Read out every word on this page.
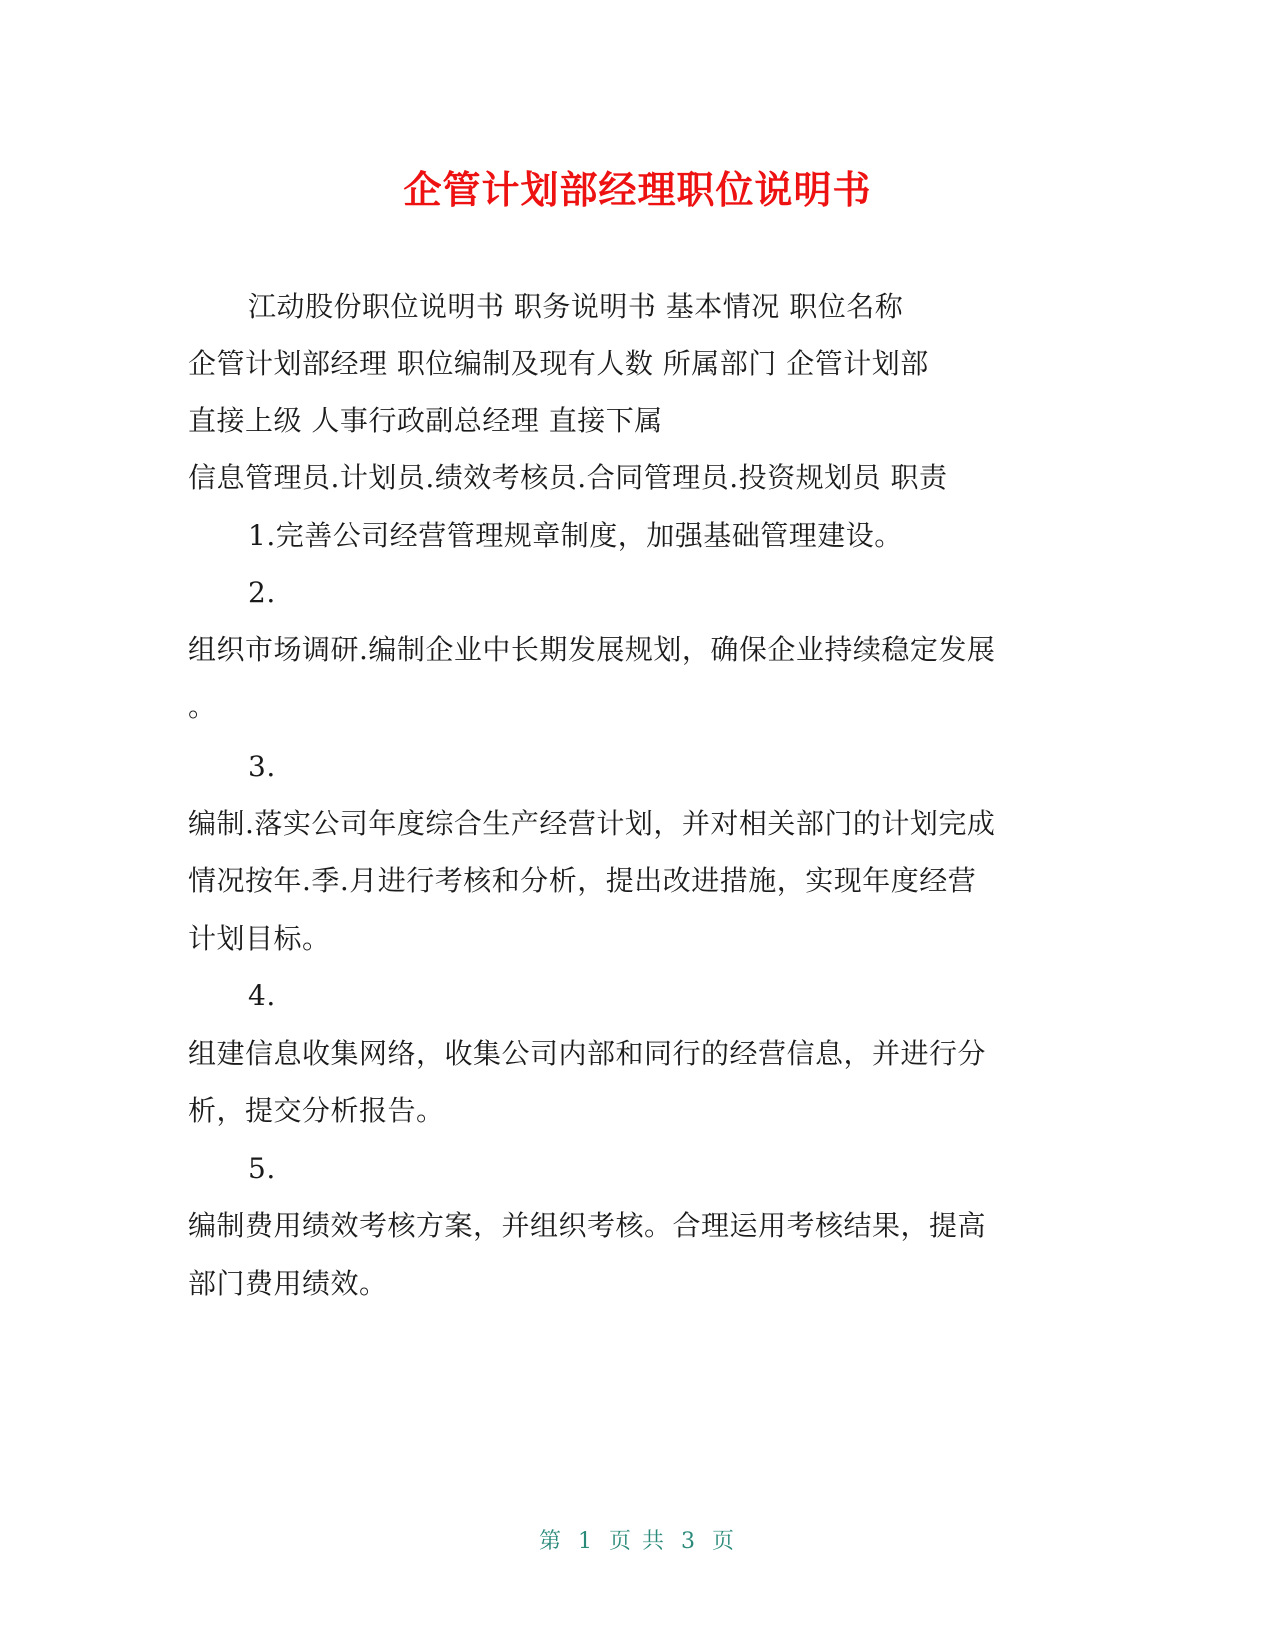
企管计划部经理职位说明书
江动股份职位说明书 职务说明书 基本情况 职位名称
企管计划部经理 职位编制及现有人数 所属部门 企管计划部
直接上级 人事行政副总经理 直接下属
信息管理员.计划员.绩效考核员.合同管理员.投资规划员 职责
1.完善公司经营管理规章制度，加强基础管理建设。
2.
组织市场调研.编制企业中长期发展规划，确保企业持续稳定发展
。
3.
编制.落实公司年度综合生产经营计划，并对相关部门的计划完成
情况按年.季.月进行考核和分析，提出改进措施，实现年度经营
计划目标。
4.
组建信息收集网络，收集公司内部和同行的经营信息，并进行分
析，提交分析报告。
5.
编制费用绩效考核方案，并组织考核。合理运用考核结果，提高
部门费用绩效。
第 1 页 共 3 页
